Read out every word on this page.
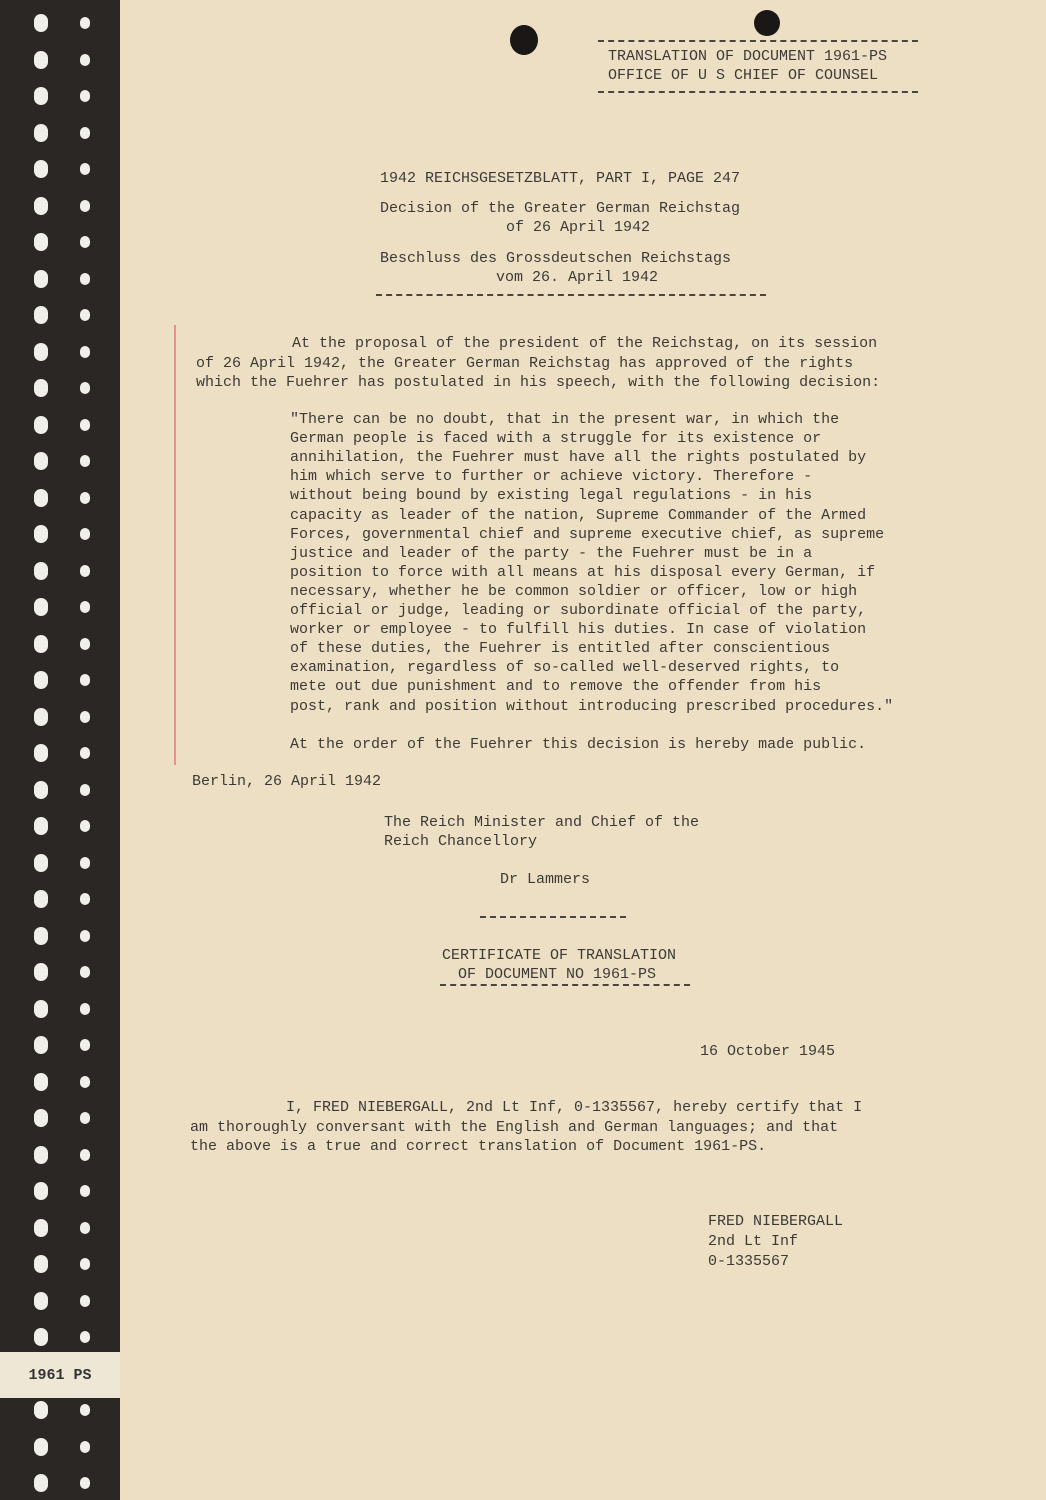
1961 PS
TRANSLATION OF DOCUMENT 1961-PS
OFFICE OF U S CHIEF OF COUNSEL
1942 REICHSGESETZBLATT, PART I, PAGE 247
Decision of the Greater German Reichstag
of 26 April 1942
Beschluss des Grossdeutschen Reichstags
vom 26. April 1942
At the proposal of the president of the Reichstag, on its session
of 26 April 1942, the Greater German Reichstag has approved of the rights
which the Fuehrer has postulated in his speech, with the following decision:
"There can be no doubt, that in the present war, in which the
German people is faced with a struggle for its existence or
annihilation, the Fuehrer must have all the rights postulated by
him which serve to further or achieve victory. Therefore -
without being bound by existing legal regulations - in his
capacity as leader of the nation, Supreme Commander of the Armed
Forces, governmental chief and supreme executive chief, as supreme
justice and leader of the party - the Fuehrer must be in a
position to force with all means at his disposal every German, if
necessary, whether he be common soldier or officer, low or high
official or judge, leading or subordinate official of the party,
worker or employee - to fulfill his duties. In case of violation
of these duties, the Fuehrer is entitled after conscientious
examination, regardless of so-called well-deserved rights, to
mete out due punishment and to remove the offender from his
post, rank and position without introducing prescribed procedures."
At the order of the Fuehrer this decision is hereby made public.
Berlin, 26 April 1942
The Reich Minister and Chief of the
Reich Chancellory
Dr Lammers
CERTIFICATE OF TRANSLATION
OF DOCUMENT NO 1961-PS
16 October 1945
I, FRED NIEBERGALL, 2nd Lt Inf, 0-1335567, hereby certify that I
am thoroughly conversant with the English and German languages; and that
the above is a true and correct translation of Document 1961-PS.
FRED NIEBERGALL
2nd Lt Inf
0-1335567
